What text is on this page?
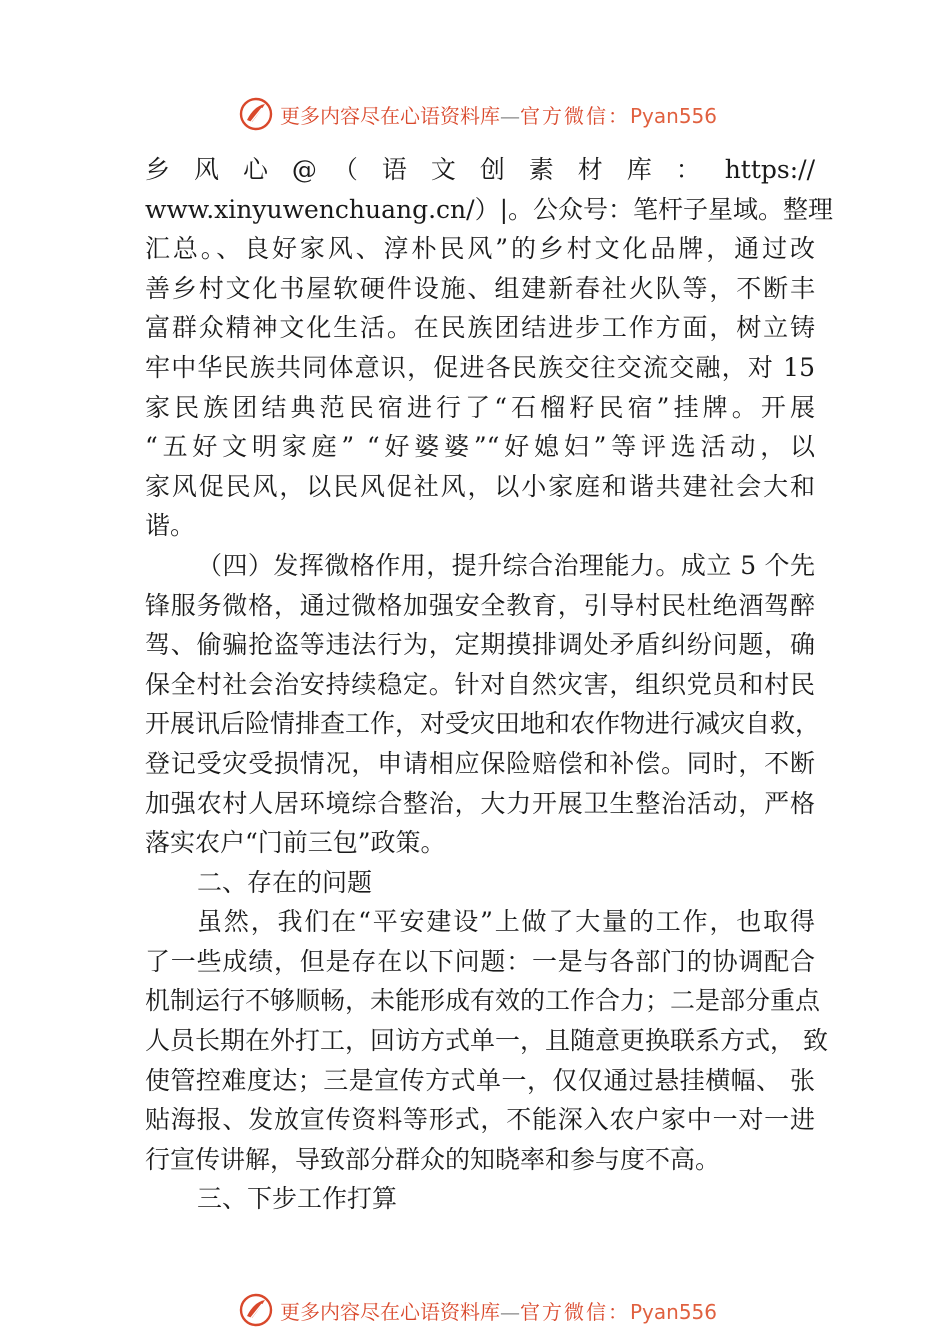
更多内容尽在心语资料库—官方微信：Pyan556
乡 风 心 @ （ 语 文 创 素 材 库 ： https://
www.xinyuwenchuang.cn/）|。公众号：笔杆子星域。整理
汇总。、良好家风、淳朴民风”的乡村文化品牌，通过改
善乡村文化书屋软硬件设施、组建新春社火队等，不断丰
富群众精神文化生活。在民族团结进步工作方面，树立铸
牢中华民族共同体意识，促进各民族交往交流交融，对 15
家民族团结典范民宿进行了“石榴籽民宿”挂牌。开展
“五好文明家庭” “好婆婆”“好媳妇”等评选活动，以
家风促民风，以民风促社风，以小家庭和谐共建社会大和
谐。
（四）发挥微格作用，提升综合治理能力。成立 5 个先
锋服务微格，通过微格加强安全教育，引导村民杜绝酒驾醉
驾、偷骗抢盗等违法行为，定期摸排调处矛盾纠纷问题，确
保全村社会治安持续稳定。针对自然灾害，组织党员和村民
开展讯后险情排查工作，对受灾田地和农作物进行减灾自救，
登记受灾受损情况，申请相应保险赔偿和补偿。同时，不断
加强农村人居环境综合整治，大力开展卫生整治活动，严格
落实农户“门前三包”政策。
二、存在的问题
虽然，我们在“平安建设”上做了大量的工作，也取得
了一些成绩，但是存在以下问题：一是与各部门的协调配合
机制运行不够顺畅，未能形成有效的工作合力；二是部分重点
人员长期在外打工，回访方式单一，且随意更换联系方式， 致
使管控难度达；三是宣传方式单一，仅仅通过悬挂横幅、 张
贴海报、发放宣传资料等形式，不能深入农户家中一对一进
行宣传讲解，导致部分群众的知晓率和参与度不高。
三、下步工作打算
更多内容尽在心语资料库—官方微信：Pyan556
